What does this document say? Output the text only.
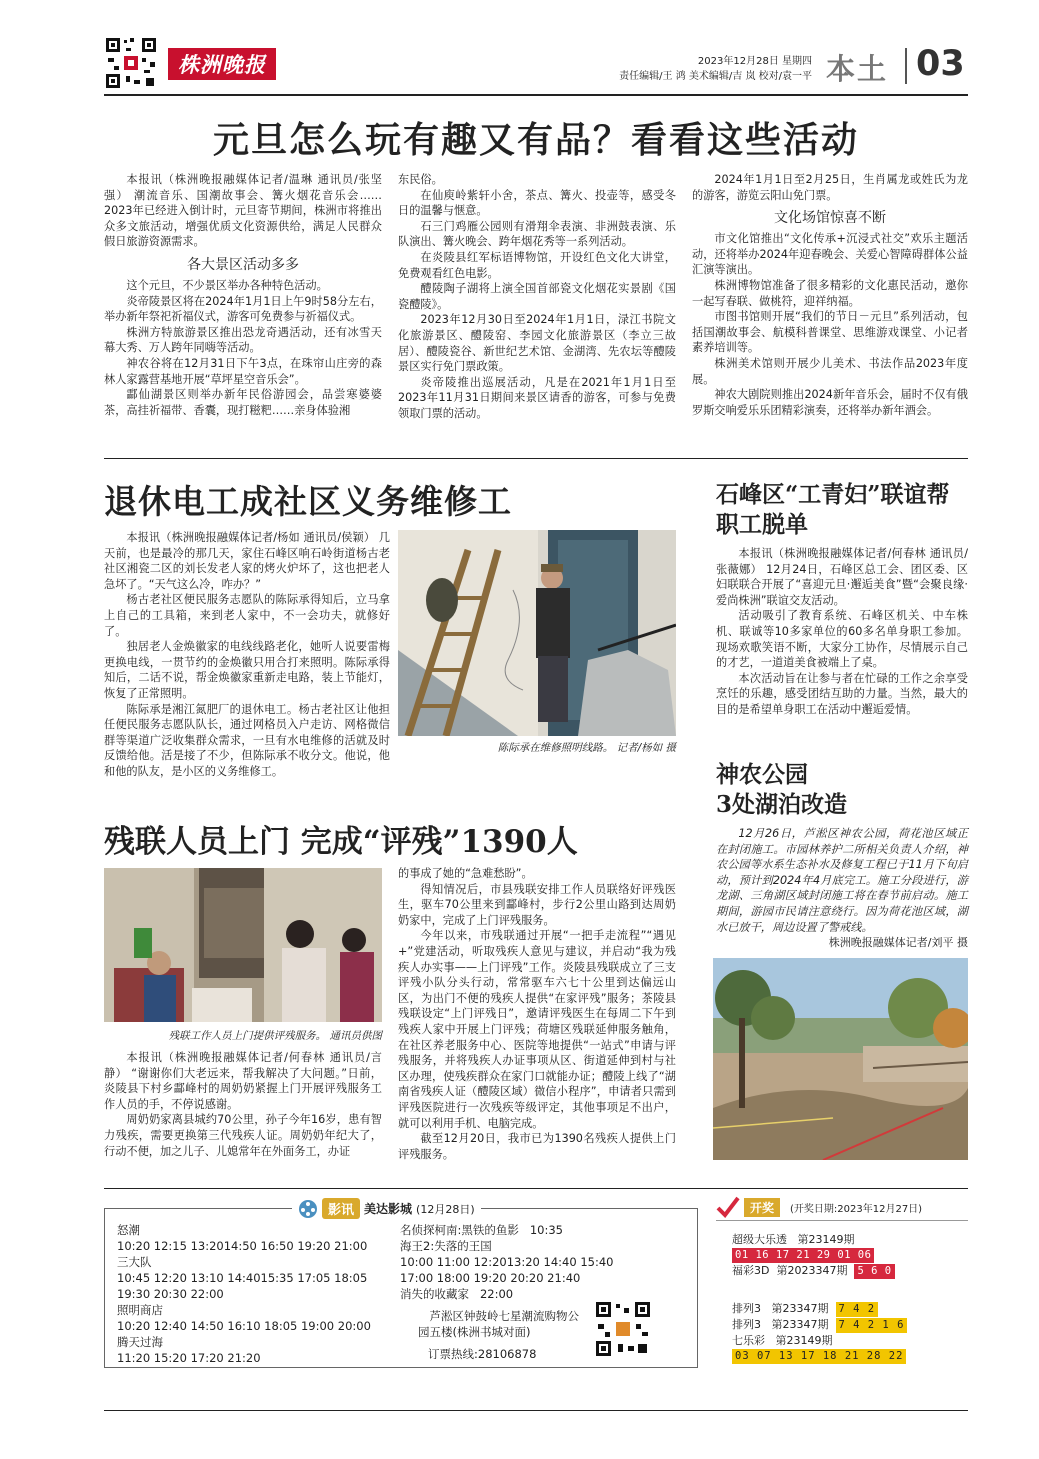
株洲晚报	2023年12月28日 星期四
责任编辑/王 鸿 美术编辑/吉 岚 校对/袁一平 本土 03
元旦怎么玩有趣又有品？看看这些活动

本报讯（株洲晚报融媒体记者/温琳 通讯员/张坚强） 潮流音乐、国潮故事会、篝火烟花音乐会……2023年已经进入倒计时，元旦寄节期间，株洲市将推出众多文旅活动，增强优质文化资源供给，满足人民群众假日旅游资源需求。

各大景区活动多多

这个元旦，不少景区举办各种特色活动。

炎帝陵景区将在2024年1月1日上午9时58分左右，举办新年祭祀祈福仪式，游客可免费参与祈福仪式。

株洲方特旅游景区推出恐龙奇遇活动，还有冰雪天幕大秀、万人跨年同嗨等活动。

神农谷将在12月31日下午3点，在珠帘山庄旁的森林人家露营基地开展“草坪星空音乐会”。

酃仙湖景区则举办新年民俗游园会，品尝寒婆婆茶，高挂祈福带、香囊，现打糍粑……亲身体验湘

东民俗。

在仙庾岭紫轩小舍，茶点、篝火、投壶等，感受冬日的温馨与惬意。

石三门鸡雁公园则有滑翔伞表演、非洲鼓表演、乐队演出、篝火晚会、跨年烟花秀等一系列活动。

在炎陵县红军标语博物馆，开设红色文化大讲堂，免费观看红色电影。

醴陵陶子湖将上演全国首部瓷文化烟花实景剧《国瓷醴陵》。

2023年12月30日至2024年1月1日，渌江书院文化旅游景区、醴陵窑、李园文化旅游景区（李立三故居）、醴陵瓷谷、新世纪艺术馆、金湖湾、先农坛等醴陵景区实行免门票政策。

炎帝陵推出巡展活动，凡是在2021年1月1日至2023年11月31日期间来景区请香的游客，可参与免费领取门票的活动。

2024年1月1日至2月25日，生肖属龙或姓氏为龙的游客，游览云阳山免门票。

文化场馆惊喜不断

市文化馆推出“文化传承+沉浸式社交”欢乐主题活动，还将举办2024年迎春晚会、关爱心智障碍群体公益汇演等演出。

株洲博物馆准备了很多精彩的文化惠民活动，邀你一起写春联、做桃符，迎祥纳福。

市图书馆则开展“我们的节日－元旦”系列活动，包括国潮故事会、航模科普课堂、思维游戏课堂、小记者素养培训等。

株洲美术馆则开展少儿美术、书法作品2023年度展。

神农大剧院则推出2024新年音乐会，届时不仅有俄罗斯交响爱乐乐团精彩演奏，还将举办新年酒会。

退休电工成社区义务维修工

本报讯（株洲晚报融媒体记者/杨如 通讯员/侯颖） 几天前，也是最冷的那几天，家住石峰区响石岭街道杨古老社区湘瓷二区的刘长发老人家的烤火炉坏了，这也把老人急坏了。“天气这么冷，咋办？”

杨古老社区便民服务志愿队的陈际承得知后，立马拿上自己的工具箱，来到老人家中，不一会功夫，就修好了。

独居老人金焕徽家的电线线路老化，她听人说要雷梅更换电线，一贯节约的金焕徽只用合打来照明。陈际承得知后，二话不说，帮金焕徽家重新走电路，装上节能灯，恢复了正常照明。

陈际承是湘江氮肥厂的退休电工。杨古老社区让他担任便民服务志愿队队长，通过网格员入户走访、网格微信群等渠道广泛收集群众需求，一旦有水电维修的活就及时反馈给他。活是接了不少，但陈际承不收分文。他说，他和他的队友，是小区的义务维修工。

陈际承在维修照明线路。 记者/杨如 摄
石峰区“工青妇”联谊帮职工脱单

本报讯（株洲晚报融媒体记者/何春林 通讯员/张薇娜） 12月24日，石峰区总工会、团区委、区妇联联合开展了“喜迎元旦·邂逅美食”暨“会聚良缘·爱尚株洲”联谊交友活动。

活动吸引了教育系统、石峰区机关、中车株机、联诚等10多家单位的60多名单身职工参加。现场欢歌笑语不断，大家分工协作，尽情展示自己的才艺，一道道美食被端上了桌。

本次活动旨在让参与者在忙碌的工作之余享受烹饪的乐趣，感受团结互助的力量。当然，最大的目的是希望单身职工在活动中邂逅爱情。

神农公园
3处湖泊改造

12月26日，芦淞区神农公园，荷花池区域正在封闭施工。市园林养护二所相关负责人介绍，神农公园等水系生态补水及修复工程已于11月下旬启动，预计到2024年4月底完工。施工分段进行，游龙湖、三角湖区域封闭施工将在春节前启动。施工期间，游园市民请注意绕行。因为荷花池区域，湖水已放干，周边设置了警戒线。

株洲晚报融媒体记者/刘平 摄
残联人员上门 完成“评残”1390人
残联工作人员上门提供评残服务。 通讯员供图

本报讯（株洲晚报融媒体记者/何春林 通讯员/言静） “谢谢你们大老远来，帮我解决了大问题。”日前，炎陵县下村乡酃峰村的周奶奶紧握上门开展评残服务工作人员的手，不停说感谢。

周奶奶家离县城约70公里，孙子今年16岁，患有智力残疾，需要更换第三代残疾人证。周奶奶年纪大了，行动不便，加之儿子、儿媳常年在外面务工，办证

的事成了她的“急难愁盼”。

得知情况后，市县残联安排工作人员联络好评残医生，驱车70公里来到酃峰村，步行2公里山路到达周奶奶家中，完成了上门评残服务。

今年以来，市残联通过开展“一把手走流程”“遇见+”党建活动，听取残疾人意见与建议，并启动“我为残疾人办实事——上门评残”工作。炎陵县残联成立了三支评残小队分头行动，常常驱车六七十公里到达偏远山区，为出门不便的残疾人提供“在家评残”服务；茶陵县残联设定“上门评残日”，邀请评残医生在每周二下午到残疾人家中开展上门评残；荷塘区残联延伸服务触角，在社区养老服务中心、医院等地提供“一站式”申请与评残服务，并将残疾人办证事项从区、街道延伸到村与社区办理，使残疾群众在家门口就能办证；醴陵上线了“湖南省残疾人证（醴陵区域）微信小程序”，申请者只需到评残医院进行一次残疾等级评定，其他事项足不出户，就可以利用手机、电脑完成。

截至12月20日，我市已为1390名残疾人提供上门评残服务。

影讯 美达影城 (12月28日)
怒潮
10:20 12:15 13:2014:50 16:50 19:20 21:00
三大队
10:45 12:20 13:10 14:4015:35 17:05 18:05 19:30 20:30 22:00
照明商店
10:20 12:40 14:50 16:10 18:05 19:00 20:00
腾天过海
11:20 15:20 17:20 21:20
名侦探柯南:黑铁的鱼影 10:35
海王2:失落的王国
10:00 11:00 12:2013:20 14:40 15:40 17:00 18:00 19:20 20:20 21:40
消失的收藏家 22:00
芦淞区钟鼓岭七星潮流购物公园五楼(株洲书城对面)
订票热线:28106878
开奖	(开奖日期:2023年12月27日)
超级大乐透 第23149期
01 16 17 21 29 01 06
福彩3D 第2023347期 5 6 0
排列3 第23347期 7 4 2
排列3 第23347期 7 4 2 1 6
七乐彩 第23149期
03 07 13 17 18 21 28 22
